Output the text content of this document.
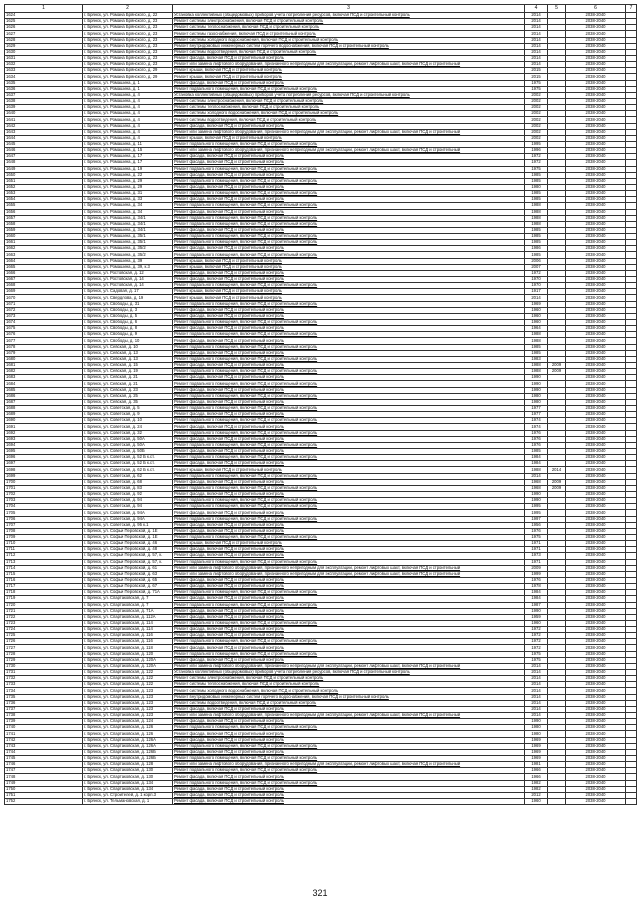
1	2	3	4	5	6	7
1624	г. Брянск, ул. Романа Брянского, д. 22	Установка коллективных (общедомовых) приборов учета потребления ресурсов, включая ПСД и строительный контроль	2014		2038-2040	
1625	г. Брянск, ул. Романа Брянского, д. 23	Ремонт системы электроснабжения, включая ПСД и строительный контроль	2014		2038-2040	
1626	г. Брянск, ул. Романа Брянского, д. 23	Ремонт системы теплоснабжения, включая ПСД и строительный контроль	2014		2038-2040	
1627	г. Брянск, ул. Романа Брянского, д. 23	Ремонт системы газоснабжения, включая ПСД и строительный контроль	2014		2038-2040	
1628	г. Брянск, ул. Романа Брянского, д. 23	Ремонт системы холодного водоснабжения, включая ПСД и строительный контроль	2014		2038-2040	
1629	г. Брянск, ул. Романа Брянского, д. 23	Ремонт внутридомовых инженерных систем горячего водоснабжения, включая ПСД и строительный контроль	2014		2038-2040	
1630	г. Брянск, ул. Романа Брянского, д. 23	Ремонт системы водоотведения, включая ПСД и строительный контроль	2014		2038-2040	
1631	г. Брянск, ул. Романа Брянского, д. 23	Ремонт фасада, включая ПСД и строительный контроль	2014		2038-2040	
1632	г. Брянск, ул. Романа Брянского, д. 23	Ремонт или замена лифтового оборудования, признанного непригодным для эксплуатации, ремонт лифтовых шахт, включая ПСД и строительный	2014		2038-2040	
1633	г. Брянск, ул. Романа Брянского, д. 29	Ремонт крыши, включая ПСД и строительный контроль	2015		2038-2040	
1634	г. Брянск, ул. Романа Брянского, д. 29	Ремонт крыши, включая ПСД и строительный контроль	2015		2038-2040	
1635	г. Брянск, ул. Ромашина, д. 1	Ремонт фасада, включая ПСД и строительный контроль	1975		2038-2040	
1636	г. Брянск, ул. Ромашина, д. 1	Ремонт подвального помещения, включая ПСД и строительный контроль	1975		2038-2040	
1637	г. Брянск, ул. Ромашина, д. 4	Установка коллективных (общедомовых) приборов учета потребления ресурсов, включая ПСД и строительный контроль	2002		2038-2040	
1638	г. Брянск, ул. Ромашина, д. 4	Ремонт системы электроснабжения, включая ПСД и строительный контроль	2002		2038-2040	
1639	г. Брянск, ул. Ромашина, д. 4	Ремонт системы теплоснабжения, включая ПСД и строительный контроль	2002		2038-2040	
1640	г. Брянск, ул. Ромашина, д. 4	Ремонт системы холодного водоснабжения, включая ПСД и строительный контроль	2002		2038-2040	
1641	г. Брянск, ул. Ромашина, д. 4	Ремонт системы водоотведения, включая ПСД и строительный контроль	2002		2038-2040	
1642	г. Брянск, ул. Ромашина, д. 4	Ремонт фасада, включая ПСД и строительный контроль	2002		2038-2040	
1643	г. Брянск, ул. Ромашина, д. 4	Ремонт или замена лифтового оборудования, признанного непригодным для эксплуатации, ремонт лифтовых шахт, включая ПСД и строительный	2002		2038-2040	
1644	г. Брянск, ул. Ромашина, д. 4	Ремонт крыши, включая ПСД и строительный контроль	2002		2038-2040	
1645	г. Брянск, ул. Ромашина, д. 11	Ремонт подвального помещения, включая ПСД и строительный контроль	1995		2038-2040	
1646	г. Брянск, ул. Ромашина, д. 15	Ремонт или замена лифтового оборудования, признанного непригодным для эксплуатации, ремонт лифтовых шахт, включая ПСД и строительный	1996		2038-2040	
1647	г. Брянск, ул. Ромашина, д. 17	Ремонт фасада, включая ПСД и строительный контроль	1972		2038-2040	
1648	г. Брянск, ул. Ромашина, д. 17	Ремонт фасада, включая ПСД и строительный контроль	1972		2038-2040	
1649	г. Брянск, ул. Ромашина, д. 19	Ремонт подвального помещения, включая ПСД и строительный контроль	1975		2038-2040	
1650	г. Брянск, ул. Ромашина, д. 22	Ремонт фасада, включая ПСД и строительный контроль	1985		2038-2040	
1651	г. Брянск, ул. Ромашина, д. 29	Ремонт подвального помещения, включая ПСД и строительный контроль	1985		2038-2040	
1652	г. Брянск, ул. Ромашина, д. 29	Ремонт фасада, включая ПСД и строительный контроль	1980		2038-2040	
1653	г. Брянск, ул. Ромашина, д. 31	Ремонт подвального помещения, включая ПСД и строительный контроль	1985		2038-2040	
1654	г. Брянск, ул. Ромашина, д. 33	Ремонт фасада, включая ПСД и строительный контроль	1985		2038-2040	
1655	г. Брянск, ул. Ромашина, д. 34	Ремонт подвального помещения, включая ПСД и строительный контроль	1988		2038-2040	
1656	г. Брянск, ул. Ромашина, д. 34	Ремонт фасада, включая ПСД и строительный контроль	1988		2038-2040	
1657	г. Брянск, ул. Ромашина, д. 34/1	Ремонт подвального помещения, включая ПСД и строительный контроль	1988		2038-2040	
1658	г. Брянск, ул. Ромашина, д. 34/1	Ремонт подвального помещения, включая ПСД и строительный контроль	1988		2038-2040	
1659	г. Брянск, ул. Ромашина, д. 34/1	Ремонт фасада, включая ПСД и строительный контроль	1985		2038-2040	
1660	г. Брянск, ул. Ромашина, д. 35/1	Ремонт подвального помещения, включая ПСД и строительный контроль	1985		2038-2040	
1661	г. Брянск, ул. Ромашина, д. 35/1	Ремонт подвального помещения, включая ПСД и строительный контроль	1985		2038-2040	
1662	г. Брянск, ул. Ромашина, д. 35/2	Ремонт фасада, включая ПСД и строительный контроль	1986		2038-2040	
1663	г. Брянск, ул. Ромашина, д. 35/2	Ремонт подвального помещения, включая ПСД и строительный контроль	1985		2038-2040	
1664	г. Брянск, ул. Ромашина, д. 39	Ремонт крыши, включая ПСД и строительный контроль	2006		2038-2040	
1665	г. Брянск, ул. Ромашина, д. 39, к.3	Ремонт крыши, включая ПСД и строительный контроль	2007		2038-2040	
1666	г. Брянск, ул. Ростовская, д. 12	Ремонт фасада, включая ПСД и строительный контроль	1972		2038-2040	
1667	г. Брянск, ул. Ростовская, д. 14	Ремонт фасада, включая ПСД и строительный контроль	1970		2038-2040	
1668	г. Брянск, ул. Ростовская, д. 14	Ремонт подвального помещения, включая ПСД и строительный контроль	1970		2038-2040	
1669	г. Брянск, ул. Садовая, д. 17	Ремонт крыши, включая ПСД и строительный контроль	1917		2038-2040	
1670	г. Брянск, ул. Свердлова, д. 19	Ремонт крыши, включая ПСД и строительный контроль	2014		2038-2040	
1671	г. Брянск, ул. Свободы, д. 31	Ремонт подвального помещения, включая ПСД и строительный контроль	1969		2038-2040	
1672	г. Брянск, ул. Свободы, д. 3	Ремонт фасада, включая ПСД и строительный контроль	1960		2038-2040	
1673	г. Брянск, ул. Свободы, д. 5	Ремонт фасада, включая ПСД и строительный контроль	1960		2038-2040	
1674	г. Брянск, ул. Свободы, д. 6	Ремонт подвального помещения, включая ПСД и строительный контроль	1960		2038-2040	
1675	г. Брянск, ул. Свободы, д. 8	Ремонт фасада, включая ПСД и строительный контроль	1964		2038-2040	
1676	г. Брянск, ул. Свободы, д. 9	Ремонт подвального помещения, включая ПСД и строительный контроль	1988		2038-2040	
1677	г. Брянск, ул. Свободы, д. 10	Ремонт фасада, включая ПСД и строительный контроль	1988		2038-2040	
1678	г. Брянск, ул. Севская, д. 10	Ремонт подвального помещения, включая ПСД и строительный контроль	1985		2038-2040	
1679	г. Брянск, ул. Севская, д. 13	Ремонт фасада, включая ПСД и строительный контроль	1985		2038-2040	
1680	г. Брянск, ул. Севская, д. 13	Ремонт подвального помещения, включая ПСД и строительный контроль	1983		2038-2040	
1681	г. Брянск, ул. Севская, д. 15	Ремонт фасада, включая ПСД и строительный контроль	1988	2009	2038-2040	
1682	г. Брянск, ул. Севская, д. 19	Ремонт подвального помещения, включая ПСД и строительный контроль	1988	2009	2038-2040	
1683	г. Брянск, ул. Севская, д. 21	Ремонт фасада, включая ПСД и строительный контроль	1990		2038-2040	
1684	г. Брянск, ул. Севская, д. 21	Ремонт подвального помещения, включая ПСД и строительный контроль	1990		2038-2040	
1685	г. Брянск, ул. Севская, д. 23	Ремонт фасада, включая ПСД и строительный контроль	1990		2038-2040	
1686	г. Брянск, ул. Севская, д. 25	Ремонт подвального помещения, включая ПСД и строительный контроль	1980		2038-2040	
1687	г. Брянск, ул. Севская, д. 35	Ремонт фасада, включая ПСД и строительный контроль	1980		2038-2040	
1688	г. Брянск, ул. Советская, д. 5	Ремонт подвального помещения, включая ПСД и строительный контроль	1977		2038-2040	
1689	г. Брянск, ул. Советская, д. 9	Ремонт фасада, включая ПСД и строительный контроль	1977		2038-2040	
1690	г. Брянск, ул. Советская, д. 10	Ремонт подвального помещения, включая ПСД и строительный контроль	1974		2038-2040	
1691	г. Брянск, ул. Советская, д. 24	Ремонт фасада, включая ПСД и строительный контроль	1974		2038-2040	
1692	г. Брянск, ул. Советская, д. 32	Ремонт подвального помещения, включая ПСД и строительный контроль	1976		2038-2040	
1693	г. Брянск, ул. Советская, д. 50А	Ремонт фасада, включая ПСД и строительный контроль	1976		2038-2040	
1694	г. Брянск, ул. Советская, д. 50А	Ремонт подвального помещения, включая ПСД и строительный контроль	1976		2038-2040	
1695	г. Брянск, ул. Советская, д. 50Б	Ремонт фасада, включая ПСД и строительный контроль	1985		2038-2040	
1696	г. Брянск, ул. Советская, д. 52 Б к.ст.	Ремонт подвального помещения, включая ПСД и строительный контроль	1984		2038-2040	
1697	г. Брянск, ул. Советская, д. 52 Б к.ст.	Ремонт фасада, включая ПСД и строительный контроль	1984		2038-2040	
1698	г. Брянск, ул. Советская, д. 62 Б к.ст.	Ремонт крыши, включая ПСД и строительный контроль	1988	2014	2038-2040	
1699	г. Брянск, ул. Советская, д. 62	Ремонт подвального помещения, включая ПСД и строительный контроль	2014		2038-2040	
1700	г. Брянск, ул. Советская, д. 68	Ремонт фасада, включая ПСД и строительный контроль	1968	2009	2038-2040	
1701	г. Брянск, ул. Советская, д. 83	Ремонт подвального помещения, включая ПСД и строительный контроль	1968	2009	2038-2040	
1702	г. Брянск, ул. Советская, д. 92	Ремонт фасада, включая ПСД и строительный контроль	1990		2038-2040	
1703	г. Брянск, ул. Советская, д. 94	Ремонт подвального помещения, включая ПСД и строительный контроль	1990		2038-2040	
1704	г. Брянск, ул. Советская, д. 94	Ремонт подвального помещения, включая ПСД и строительный контроль	1995		2038-2040	
1705	г. Брянск, ул. Советская, д. 94А	Ремонт фасада, включая ПСД и строительный контроль	1995		2038-2040	
1706	г. Брянск, ул. Советская, д. 94А	Ремонт подвального помещения, включая ПСД и строительный контроль	1997		2038-2040	
1707	г. Брянск, ул. Советская, д. 95 к.1	Ремонт фасада, включая ПСД и строительный контроль	1956		2038-2040	
1708	г. Брянск, ул. Софьи Перовской, д. 1Е	Ремонт фасада, включая ПСД и строительный контроль	1976		2038-2040	
1709	г. Брянск, ул. Софьи Перовской, д. 1Е	Ремонт подвального помещения, включая ПСД и строительный контроль	1975		2038-2040	
1710	г. Брянск, ул. Софьи Перовской, д. 46	Ремонт крыши, включая ПСД и строительный контроль	1971		2038-2040	
1711	г. Брянск, ул. Софьи Перовской, д. 48	Ремонт фасада, включая ПСД и строительный контроль	1971		2038-2040	
1712	г. Брянск, ул. Софьи Перовской, д. 57, к.	Ремонт фасада, включая ПСД и строительный контроль	1973		2038-2040	
1713	г. Брянск, ул. Софьи Перовской, д. 57, к.	Ремонт подвального помещения, включая ПСД и строительный контроль	1971		2038-2040	
1714	г. Брянск, ул. Софьи Перовской, д. 61	Ремонт или замена лифтового оборудования, признанного непригодным для эксплуатации, ремонт лифтовых шахт, включая ПСД и строительный	2009		2038-2040	
1715	г. Брянск, ул. Софьи Перовской, д. 63	Ремонт или замена лифтового оборудования, признанного непригодным для эксплуатации, ремонт лифтовых шахт, включая ПСД и строительный	1999		2038-2040	
1716	г. Брянск, ул. Софьи Перовской, д. 65	Ремонт фасада, включая ПСД и строительный контроль	1976		2038-2040	
1717	г. Брянск, ул. Софьи Перовской, д. 67	Ремонт фасада, включая ПСД и строительный контроль	1978		2038-2040	
1718	г. Брянск, ул. Софьи Перовской, д. 71А	Ремонт подвального помещения, включая ПСД и строительный контроль	1984		2038-2040	
1719	г. Брянск, ул. Спартаковская, д. 7	Ремонт фасада, включая ПСД и строительный контроль	1984		2038-2040	
1720	г. Брянск, ул. Спартаковская, д. 7	Ремонт подвального помещения, включая ПСД и строительный контроль	1987		2038-2040	
1721	г. Брянск, ул. Спартаковская, д. 71А	Ремонт фасада, включая ПСД и строительный контроль	1990		2038-2040	
1722	г. Брянск, ул. Спартаковская, д. 112А	Ремонт фасада, включая ПСД и строительный контроль	1959		2038-2040	
1723	г. Брянск, ул. Спартаковская, д. 114	Ремонт подвального помещения, включая ПСД и строительный контроль	1960		2038-2040	
1724	г. Брянск, ул. Спартаковская, д. 114	Ремонт фасада, включая ПСД и строительный контроль	1972		2038-2040	
1725	г. Брянск, ул. Спартаковская, д. 116	Ремонт фасада, включая ПСД и строительный контроль	1972		2038-2040	
1726	г. Брянск, ул. Спартаковская, д. 116	Ремонт подвального помещения, включая ПСД и строительный контроль	1972		2038-2040	
1727	г. Брянск, ул. Спартаковская, д. 118	Ремонт фасада, включая ПСД и строительный контроль	1972		2038-2040	
1728	г. Брянск, ул. Спартаковская, д. 120	Ремонт подвального помещения, включая ПСД и строительный контроль	1975		2038-2040	
1729	г. Брянск, ул. Спартаковская, д. 120А	Ремонт фасада, включая ПСД и строительный контроль	1975		2038-2040	
1730	г. Брянск, ул. Спартаковская, д. 120А	Ремонт или замена лифтового оборудования, признанного непригодным для эксплуатации, ремонт лифтовых шахт, включая ПСД и строительный	2014		2038-2040	
1731	г. Брянск, ул. Спартаковская, д. 122	Установка коллективных (общедомовых) приборов учета потребления ресурсов, включая ПСД и строительный контроль	2014		2038-2040	
1732	г. Брянск, ул. Спартаковская, д. 122	Ремонт системы электроснабжения, включая ПСД и строительный контроль	2014		2038-2040	
1733	г. Брянск, ул. Спартаковская, д. 122	Ремонт системы теплоснабжения, включая ПСД и строительный контроль	2014		2038-2040	
1734	г. Брянск, ул. Спартаковская, д. 123	Ремонт системы холодного водоснабжения, включая ПСД и строительный контроль	2014		2038-2040	
1735	г. Брянск, ул. Спартаковская, д. 123	Ремонт внутридомовых инженерных систем горячего водоснабжения, включая ПСД и строительный контроль	2014		2038-2040	
1736	г. Брянск, ул. Спартаковская, д. 123	Ремонт системы водоотведения, включая ПСД и строительный контроль	2014		2038-2040	
1737	г. Брянск, ул. Спартаковская, д. 123	Ремонт фасада, включая ПСД и строительный контроль	2014		2038-2040	
1738	г. Брянск, ул. Спартаковская, д. 123	Ремонт или замена лифтового оборудования, признанного непригодным для эксплуатации, ремонт лифтовых шахт, включая ПСД и строительный	2014		2038-2040	
1739	г. Брянск, ул. Спартаковская, д. 124	Ремонт фасада, включая ПСД и строительный контроль	1990		2038-2040	
1740	г. Брянск, ул. Спартаковская, д. 126	Ремонт подвального помещения, включая ПСД и строительный контроль	1980		2038-2040	
1741	г. Брянск, ул. Спартаковская, д. 126	Ремонт фасада, включая ПСД и строительный контроль	1980		2038-2040	
1742	г. Брянск, ул. Спартаковская, д. 126А	Ремонт фасада, включая ПСД и строительный контроль	1969		2038-2040	
1743	г. Брянск, ул. Спартаковская, д. 126А	Ремонт подвального помещения, включая ПСД и строительный контроль	1969		2038-2040	
1744	г. Брянск, ул. Спартаковская, д. 126Б	Ремонт фасада, включая ПСД и строительный контроль	1969		2038-2040	
1745	г. Брянск, ул. Спартаковская, д. 126Б	Ремонт подвального помещения, включая ПСД и строительный контроль	1969		2038-2040	
1746	г. Брянск, ул. Спартаковская, д. 128	Ремонт или замена лифтового оборудования, признанного непригодным для эксплуатации, ремонт лифтовых шахт, включая ПСД и строительный	1981		2038-2040	
1747	г. Брянск, ул. Спартаковская, д. 130	Ремонт подвального помещения, включая ПСД и строительный контроль	1966		2038-2040	
1748	г. Брянск, ул. Спартаковская, д. 130	Ремонт фасада, включая ПСД и строительный контроль	1966		2038-2040	
1749	г. Брянск, ул. Спартаковская, д. 134	Ремонт подвального помещения, включая ПСД и строительный контроль	1982		2038-2040	
1750	г. Брянск, ул. Спартаковская, д. 134	Ремонт фасада, включая ПСД и строительный контроль	1982		2038-2040	
1751	г. Брянск, ул. Строителей, д. 1 корп.3	Ремонт фасада, включая ПСД и строительный контроль	2012		2038-2040	
1752	г. Брянск, ул. Тельмановская, д. 1	Ремонт фасада, включая ПСД и строительный контроль	1960		2038-2040	
321
